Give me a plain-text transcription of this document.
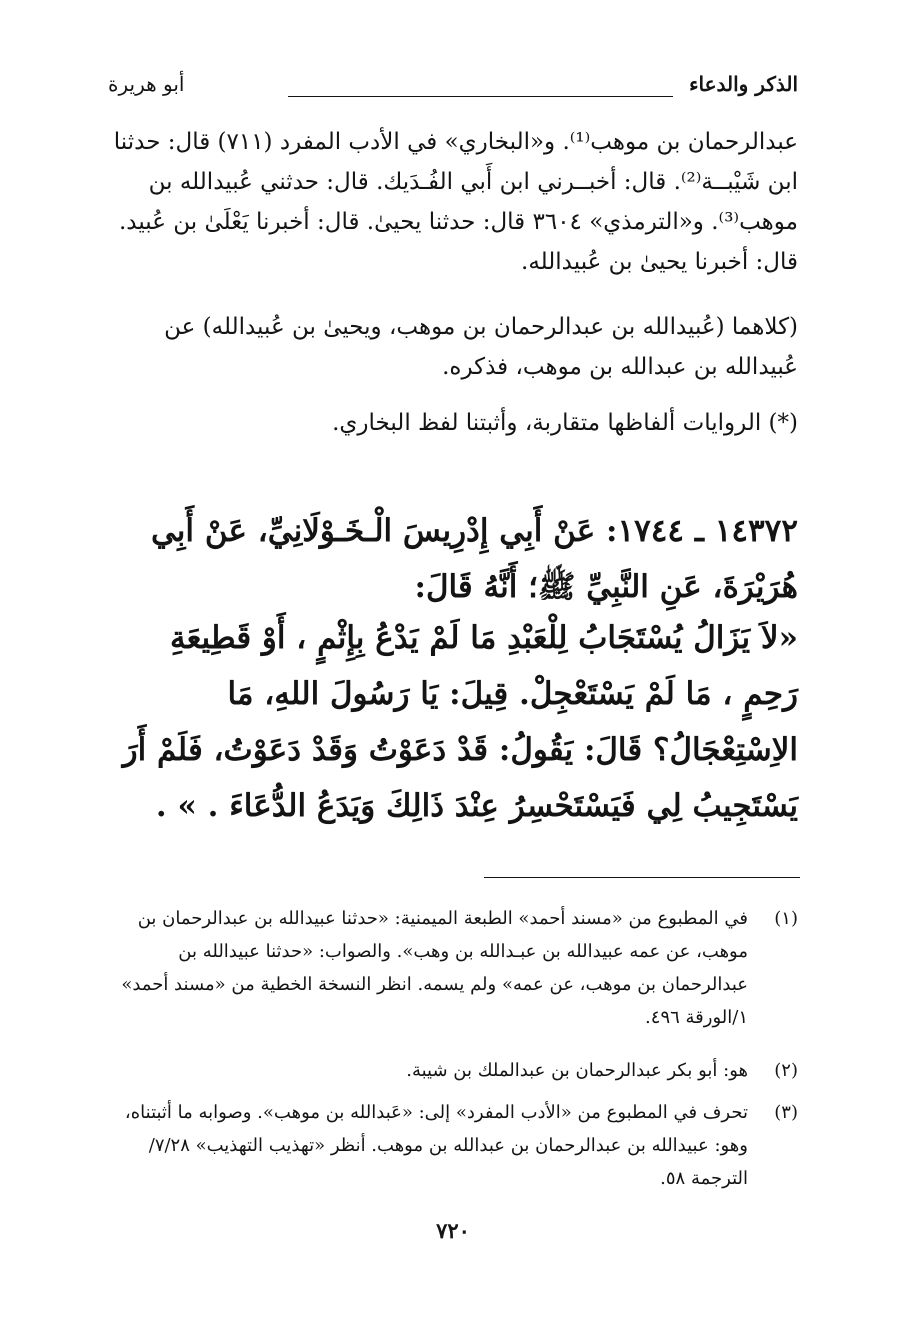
الذكر والدعاء
أبو هريرة
عبدالرحمان بن موهب⁽¹⁾. و«البخاري» في الأدب المفرد (٧١١) قال: حدثنا ابن شَيْبــة⁽²⁾. قال: أخبــرني ابن أَبي الفُـدَيك. قال: حدثني عُبيدالله بن موهب⁽³⁾. و«الترمذي» ٣٦٠٤ قال: حدثنا يحيىٰ. قال: أخبرنا يَعْلَىٰ بن عُبيد. قال: أخبرنا يحيىٰ بن عُبيدالله.
(كلاهما (عُبيدالله بن عبدالرحمان بن موهب، ويحيىٰ بن عُبيدالله) عن عُبيدالله بن عبدالله بن موهب، فذكره.
(*) الروايات ألفاظها متقاربة، وأثبتنا لفظ البخاري.
١٤٣٧٢ ـ ١٧٤٤: عَنْ أَبِي إِدْرِيسَ الْـخَـوْلَانِيِّ، عَنْ أَبِي هُرَيْرَةَ، عَنِ النَّبِيِّ ﷺ؛ أَنَّهُ قَالَ:
«لاَ يَزَالُ يُسْتَجَابُ لِلْعَبْدِ مَا لَمْ يَدْعُ بِإِثْمٍ ، أَوْ قَطِيعَةِ رَحِمٍ ، مَا لَمْ يَسْتَعْجِلْ. قِيلَ: يَا رَسُولَ اللهِ، مَا الاِسْتِعْجَالُ؟ قَالَ: يَقُولُ: قَدْ دَعَوْتُ وَقَدْ دَعَوْتُ، فَلَمْ أَرَ يَسْتَجِيبُ لِي فَيَسْتَحْسِرُ عِنْدَ ذَالِكَ وَيَدَعُ الدُّعَاءَ . » .
(١)
في المطبوع من «مسند أحمد» الطبعة الميمنية: «حدثنا عبيدالله بن عبدالرحمان بن موهب، عن عمه عبيدالله بن عبـدالله بن وهب». والصواب: «حدثنا عبيدالله بن عبدالرحمان بن موهب، عن عمه» ولم يسمه. انظر النسخة الخطية من «مسند أحمد» ١/الورقة ٤٩٦.
(٢)
هو: أبو بكر عبدالرحمان بن عبدالملك بن شيبة.
(٣)
تحرف في المطبوع من «الأدب المفرد» إلى: «عَبدالله بن موهب». وصوابه ما أثبتناه، وهو: عبيدالله بن عبدالرحمان بن عبدالله بن موهب. أنظر «تهذيب التهذيب» ٧/٢٨/ الترجمة ٥٨.
٧٢٠
